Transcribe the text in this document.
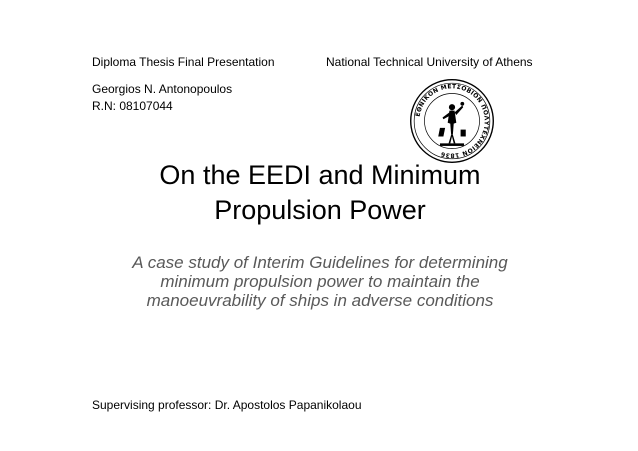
Diploma Thesis Final Presentation	National Technical University of Athens
Georgios N. Antonopoulos
R.N: 08107044
ΕΘΝΙΚΟΝ ΜΕΤΣΟΒΙΟΝ ΠΟΛΥΤΕΧΝΕΙΟΝ 1836
On the EEDI and Minimum
Propulsion Power
A case study of Interim Guidelines for determining minimum propulsion power to maintain the manoeuvrability of ships in adverse conditions
Supervising professor: Dr. Apostolos Papanikolaou
